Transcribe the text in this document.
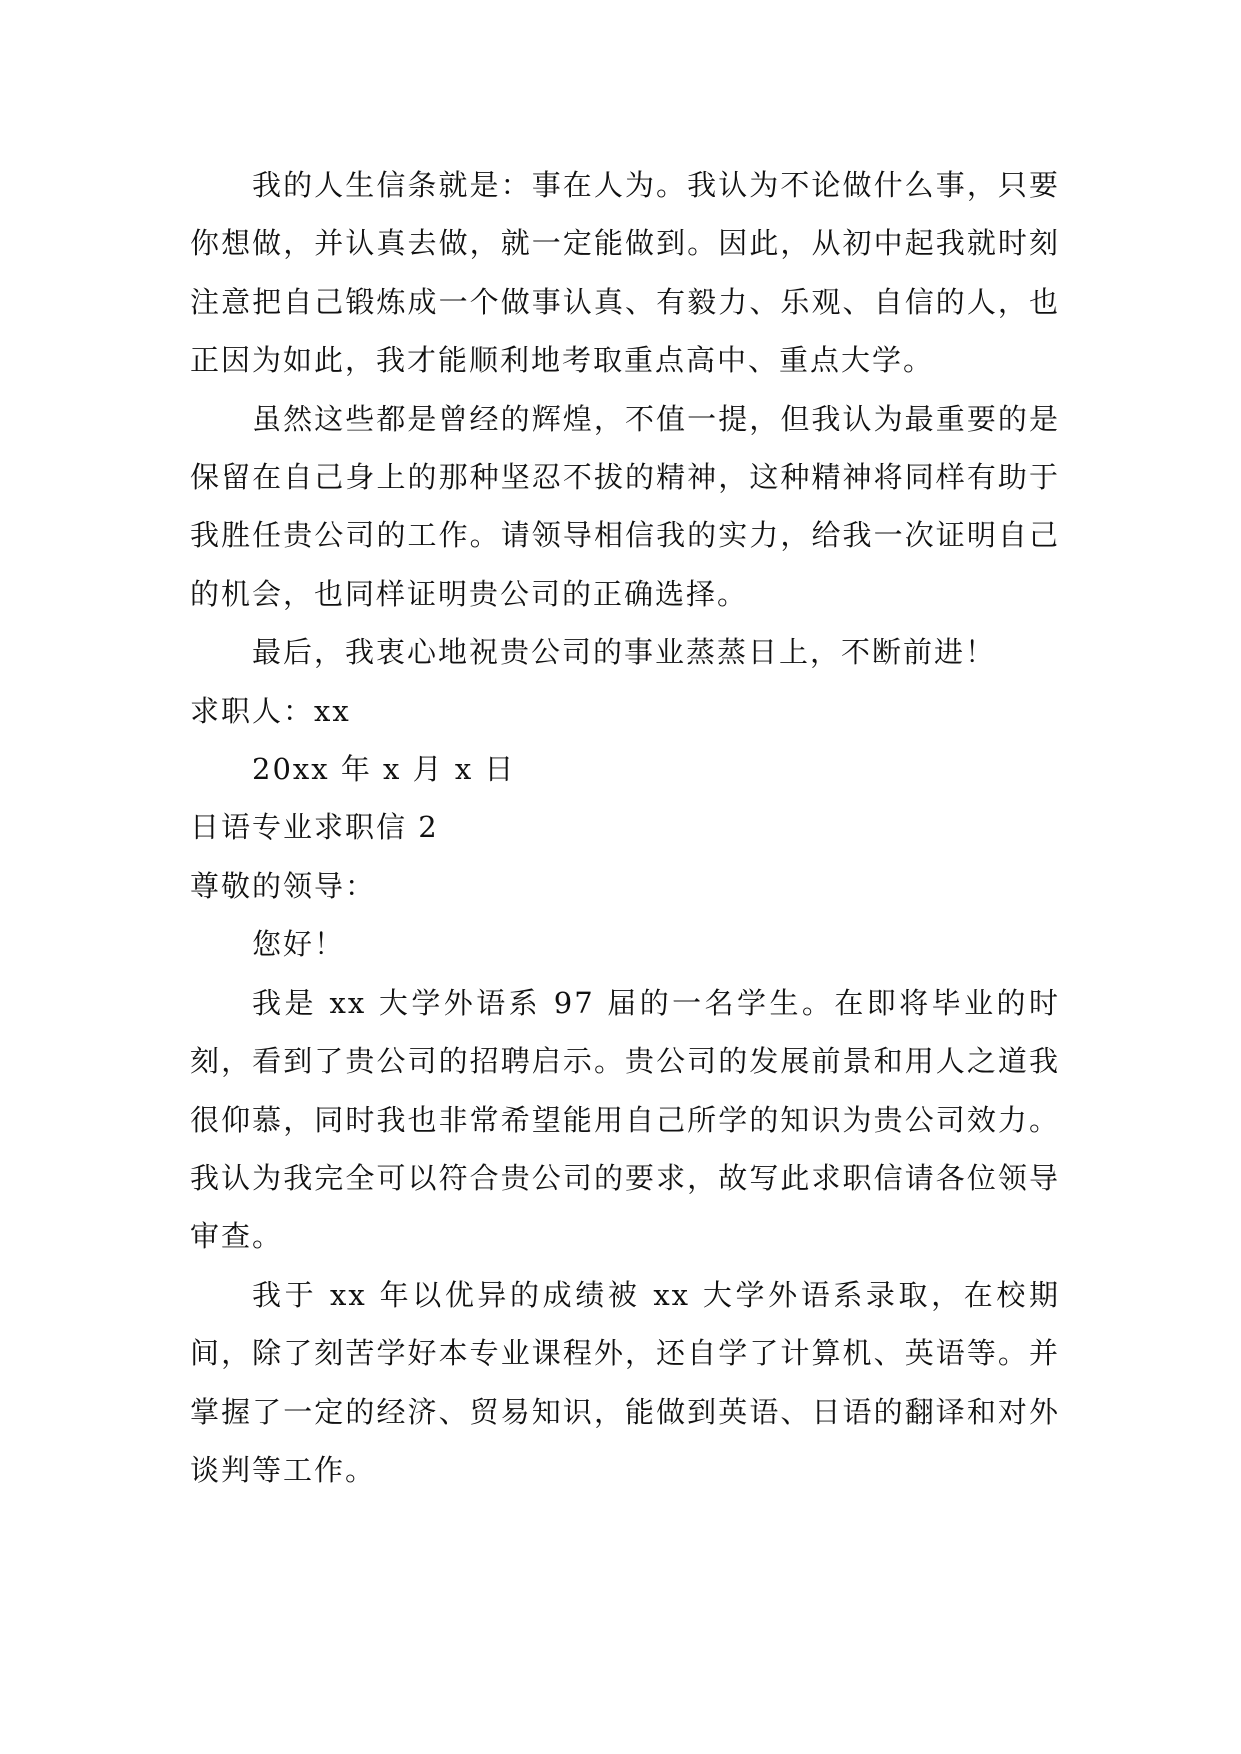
我的人生信条就是：事在人为。我认为不论做什么事，只要你想做，并认真去做，就一定能做到。因此，从初中起我就时刻注意把自己锻炼成一个做事认真、有毅力、乐观、自信的人，也正因为如此，我才能顺利地考取重点高中、重点大学。

虽然这些都是曾经的辉煌，不值一提，但我认为最重要的是保留在自己身上的那种坚忍不拔的精神，这种精神将同样有助于我胜任贵公司的工作。请领导相信我的实力，给我一次证明自己的机会，也同样证明贵公司的正确选择。

最后，我衷心地祝贵公司的事业蒸蒸日上，不断前进！

求职人：xx

20xx 年 x 月 x 日

日语专业求职信 2

尊敬的领导：

您好！

我是 xx 大学外语系 97 届的一名学生。在即将毕业的时刻，看到了贵公司的招聘启示。贵公司的发展前景和用人之道我很仰慕，同时我也非常希望能用自己所学的知识为贵公司效力。我认为我完全可以符合贵公司的要求，故写此求职信请各位领导审查。

我于 xx 年以优异的成绩被 xx 大学外语系录取，在校期间，除了刻苦学好本专业课程外，还自学了计算机、英语等。并掌握了一定的经济、贸易知识，能做到英语、日语的翻译和对外谈判等工作。
